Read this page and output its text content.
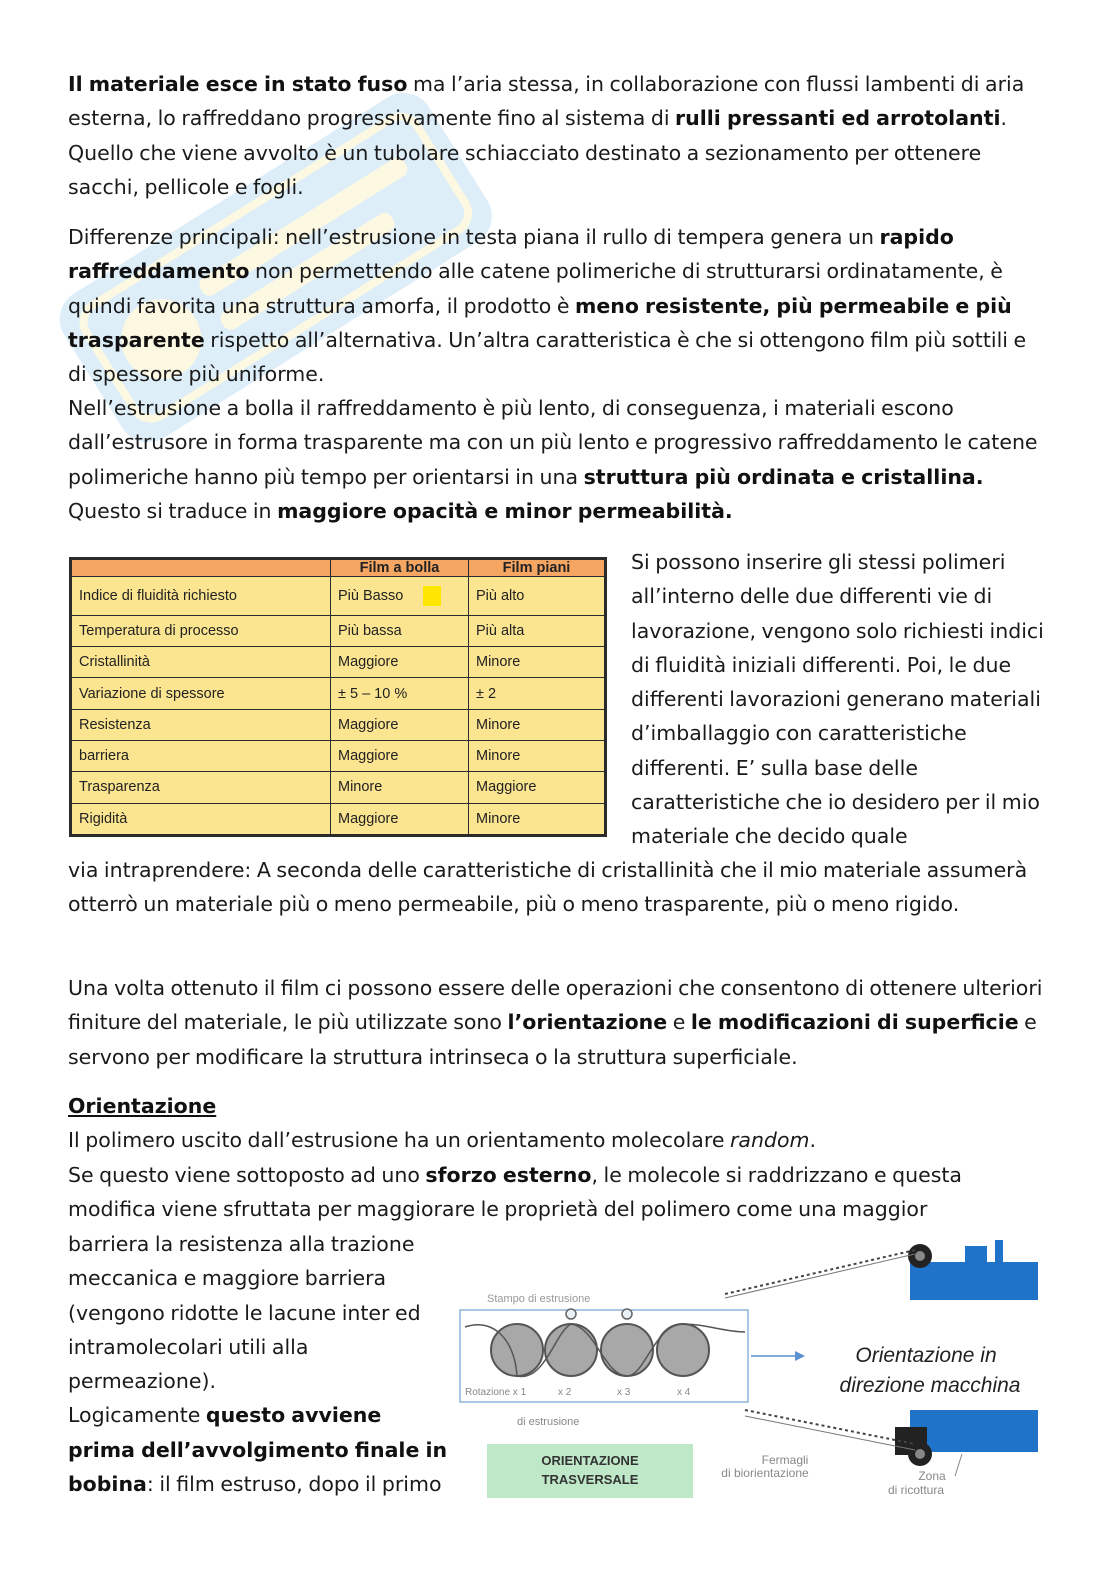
Il materiale esce in stato fuso ma l’aria stessa, in collaborazione con flussi lambenti di aria esterna, lo raffreddano progressivamente fino al sistema di rulli pressanti ed arrotolanti. Quello che viene avvolto è un tubolare schiacciato destinato a sezionamento per ottenere sacchi, pellicole e fogli.

Differenze principali: nell’estrusione in testa piana il rullo di tempera genera un rapido raffreddamento non permettendo alle catene polimeriche di strutturarsi ordinatamente, è quindi favorita una struttura amorfa, il prodotto è meno resistente, più permeabile e più trasparente rispetto all’alternativa. Un’altra caratteristica è che si ottengono film più sottili e di spessore più uniforme.

Nell’estrusione a bolla il raffreddamento è più lento, di conseguenza, i materiali escono dall’estrusore in forma trasparente ma con un più lento e progressivo raffreddamento le catene polimeriche hanno più tempo per orientarsi in una struttura più ordinata e cristallina. Questo si traduce in maggiore opacità e minor permeabilità.

	Film a bolla	Film piani
Indice di fluidità richiesto	Più Basso	Più alto
Temperatura di processo	Più bassa	Più alta
Cristallinità	Maggiore	Minore
Variazione di spessore	± 5 – 10 %	± 2
Resistenza	Maggiore	Minore
barriera	Maggiore	Minore
Trasparenza	Minore	Maggiore
Rigidità	Maggiore	Minore

Si possono inserire gli stessi polimeri all’interno delle due differenti vie di lavorazione, vengono solo richiesti indici di fluidità iniziali differenti. Poi, le due differenti lavorazioni generano materiali d’imballaggio con caratteristiche differenti. E’ sulla base delle caratteristiche che io desidero per il mio materiale che decido quale

via intraprendere: A seconda delle caratteristiche di cristallinità che il mio materiale assumerà otterrò un materiale più o meno permeabile, più o meno trasparente, più o meno rigido.

Una volta ottenuto il film ci possono essere delle operazioni che consentono di ottenere ulteriori finiture del materiale, le più utilizzate sono l’orientazione e le modificazioni di superficie e servono per modificare la struttura intrinseca o la struttura superficiale.

Orientazione
Il polimero uscito dall’estrusione ha un orientamento molecolare random.
Se questo viene sottoposto ad uno sforzo esterno, le molecole si raddrizzano e questa modifica viene sfruttata per maggiorare le proprietà del polimero come una maggior

barriera la resistenza alla trazione meccanica e maggiore barriera (vengono ridotte le lacune inter ed intramolecolari utili alla permeazione).
Logicamente questo avviene prima dell’avvolgimento finale in bobina: il film estruso, dopo il primo

Stampo di estrusione
Rotazione x 1	x 2	x 3	x 4
Orientazione in
direzione macchina
di estrusione
ORIENTAZIONE
TRASVERSALE
Fermagli
di biorientazione	Zona
di ricottura
